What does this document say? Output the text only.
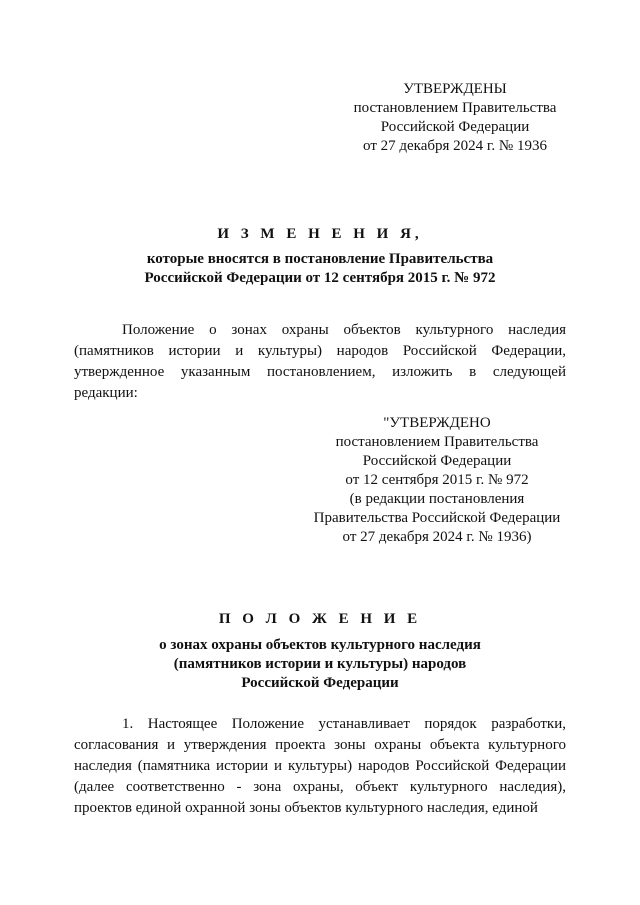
УТВЕРЖДЕНЫ
постановлением Правительства
Российской Федерации
от 27 декабря 2024 г. № 1936
И З М Е Н Е Н И Я,
которые вносятся в постановление Правительства
Российской Федерации от 12 сентября 2015 г. № 972

Положение о зонах охраны объектов культурного наследия (памятников истории и культуры) народов Российской Федерации, утвержденное указанным постановлением, изложить в следующей редакции:

"УТВЕРЖДЕНО
постановлением Правительства
Российской Федерации
от 12 сентября 2015 г. № 972
(в редакции постановления
Правительства Российской Федерации
от 27 декабря 2024 г. № 1936)
П О Л О Ж Е Н И Е
о зонах охраны объектов культурного наследия
(памятников истории и культуры) народов
Российской Федерации

1. Настоящее Положение устанавливает порядок разработки, согласования и утверждения проекта зоны охраны объекта культурного наследия (памятника истории и культуры) народов Российской Федерации (далее соответственно - зона охраны, объект культурного наследия), проектов единой охранной зоны объектов культурного наследия, единой
